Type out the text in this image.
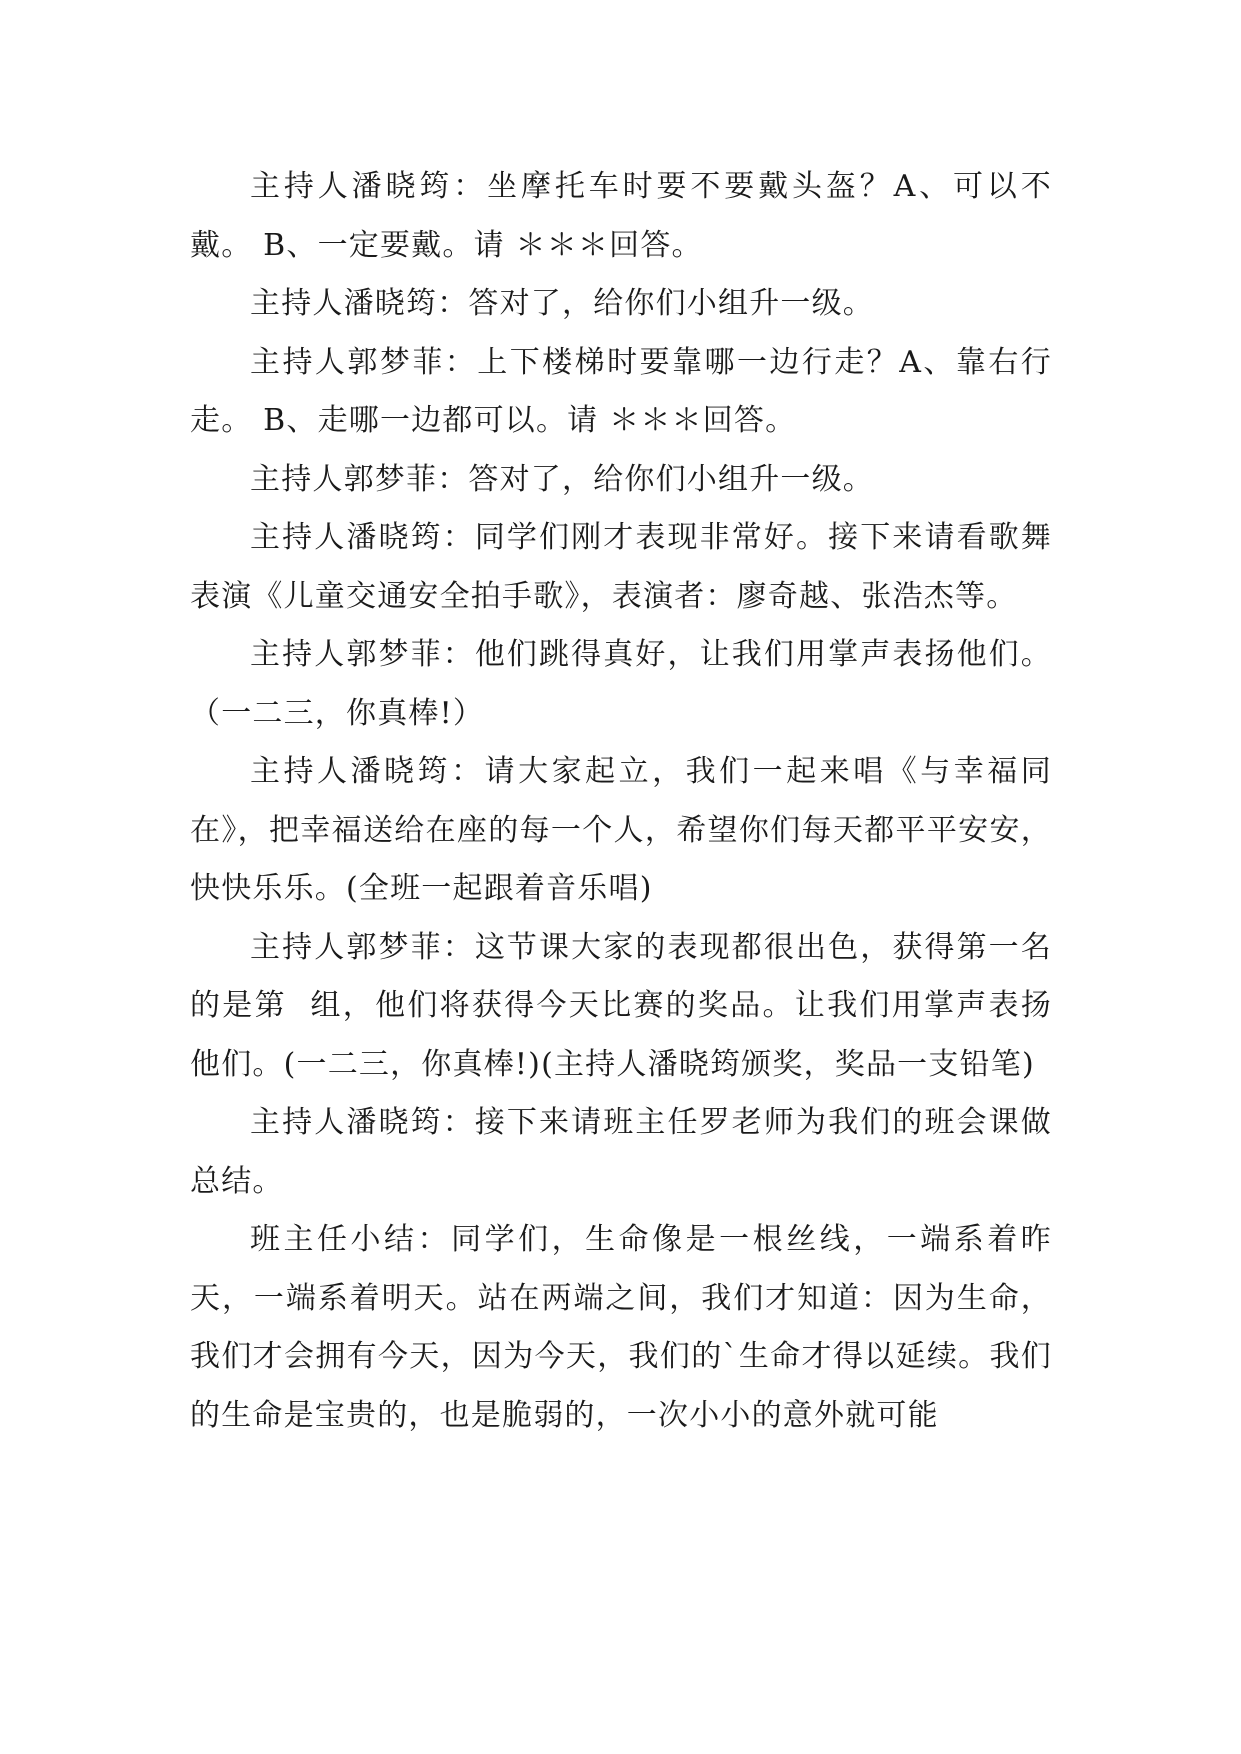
主持人潘晓筠：坐摩托车时要不要戴头盔？A、可以不戴。 B、一定要戴。请 ＊＊＊回答。

主持人潘晓筠：答对了，给你们小组升一级。

主持人郭梦菲：上下楼梯时要靠哪一边行走？A、靠右行走。 B、走哪一边都可以。请 ＊＊＊回答。

主持人郭梦菲：答对了，给你们小组升一级。

主持人潘晓筠：同学们刚才表现非常好。接下来请看歌舞表演《儿童交通安全拍手歌》，表演者：廖奇越、张浩杰等。

主持人郭梦菲：他们跳得真好，让我们用掌声表扬他们。（一二三，你真棒!）

主持人潘晓筠：请大家起立，我们一起来唱《与幸福同在》，把幸福送给在座的每一个人，希望你们每天都平平安安，快快乐乐。(全班一起跟着音乐唱)

主持人郭梦菲：这节课大家的表现都很出色，获得第一名的是第  组，他们将获得今天比赛的奖品。让我们用掌声表扬他们。(一二三，你真棒!)(主持人潘晓筠颁奖，奖品一支铅笔)

主持人潘晓筠：接下来请班主任罗老师为我们的班会课做总结。

班主任小结：同学们，生命像是一根丝线，一端系着昨天，一端系着明天。站在两端之间，我们才知道：因为生命，我们才会拥有今天，因为今天，我们的`生命才得以延续。我们的生命是宝贵的，也是脆弱的，一次小小的意外就可能
